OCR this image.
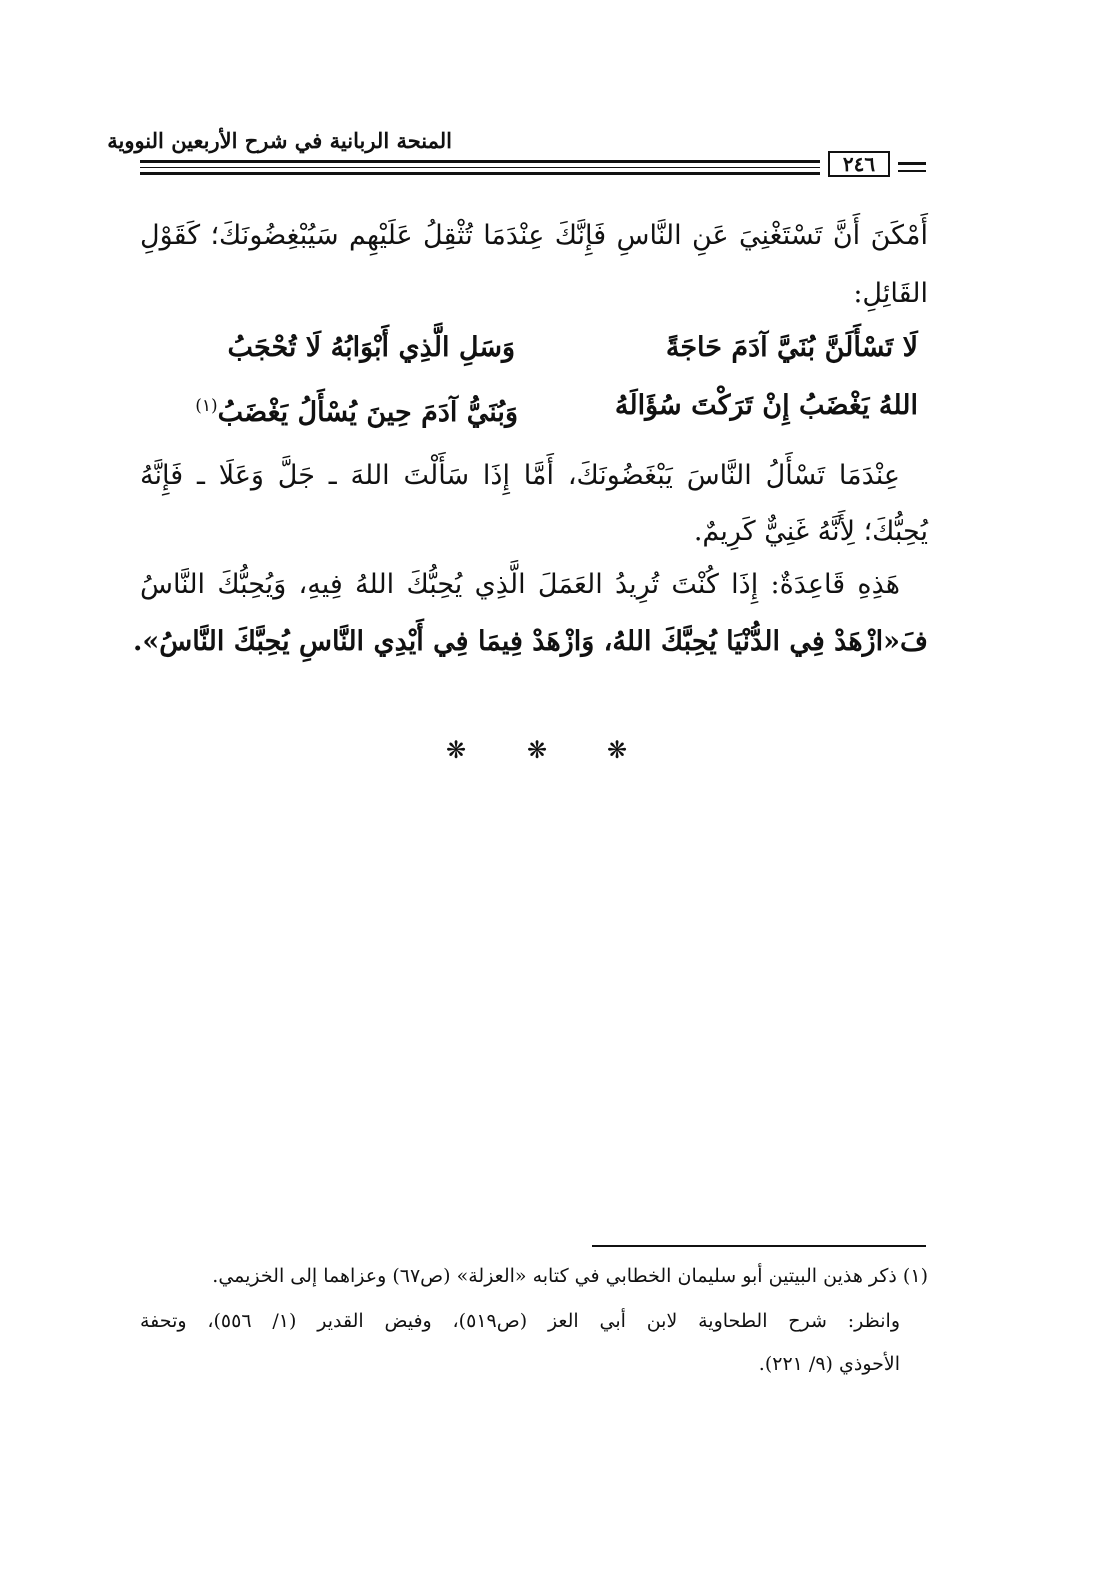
المنحة الربانية في شرح الأربعين النووية
٢٤٦
أَمْكَنَ أَنَّ تَسْتَغْنِيَ عَنِ النَّاسِ فَإِنَّكَ عِنْدَمَا تُثْقِلُ عَلَيْهِم سَيُبْغِضُونَكَ؛ كَقَوْلِ
القَائِلِ:
لَا تَسْأَلَنَّ بُنَيَّ آدَمَ حَاجَةً
وَسَلِ الَّذِي أَبْوَابُهُ لَا تُحْجَبُ
وَبُنَيُّ آدَمَ حِينَ يُسْأَلُ يَغْضَبُ$^{(١)}$	اللهُ يَغْضَبُ إِنْ تَرَكْتَ سُؤَالَهُ
عِنْدَمَا تَسْأَلُ النَّاسَ يَبْغَضُونَكَ، أَمَّا إِذَا سَأَلْتَ اللهَ ـ جَلَّ وَعَلَا ـ فَإِنَّهُ
يُحِبُّكَ؛ لِأَنَّهُ غَنِيٌّ كَرِيمٌ.
هَذِهِ قَاعِدَةٌ: إِذَا كُنْتَ تُرِيدُ العَمَلَ الَّذِي يُحِبُّكَ اللهُ فِيهِ، وَيُحِبُّكَ النَّاسُ
فَ«ازْهَدْ فِي الدُّنْيَا يُحِبَّكَ اللهُ، وَازْهَدْ فِيمَا فِي أَيْدِي النَّاسِ يُحِبَّكَ النَّاسُ».
❋	❋ ❋
(١) ذكر هذين البيتين أبو سليمان الخطابي في كتابه «العزلة» (ص٦٧) وعزاهما إلى الخزيمي.
وانظر: شرح الطحاوية لابن أبي العز (ص٥١٩)، وفيض القدير (١/ ٥٥٦)، وتحفة
الأحوذي (٩/ ٢٢١).
